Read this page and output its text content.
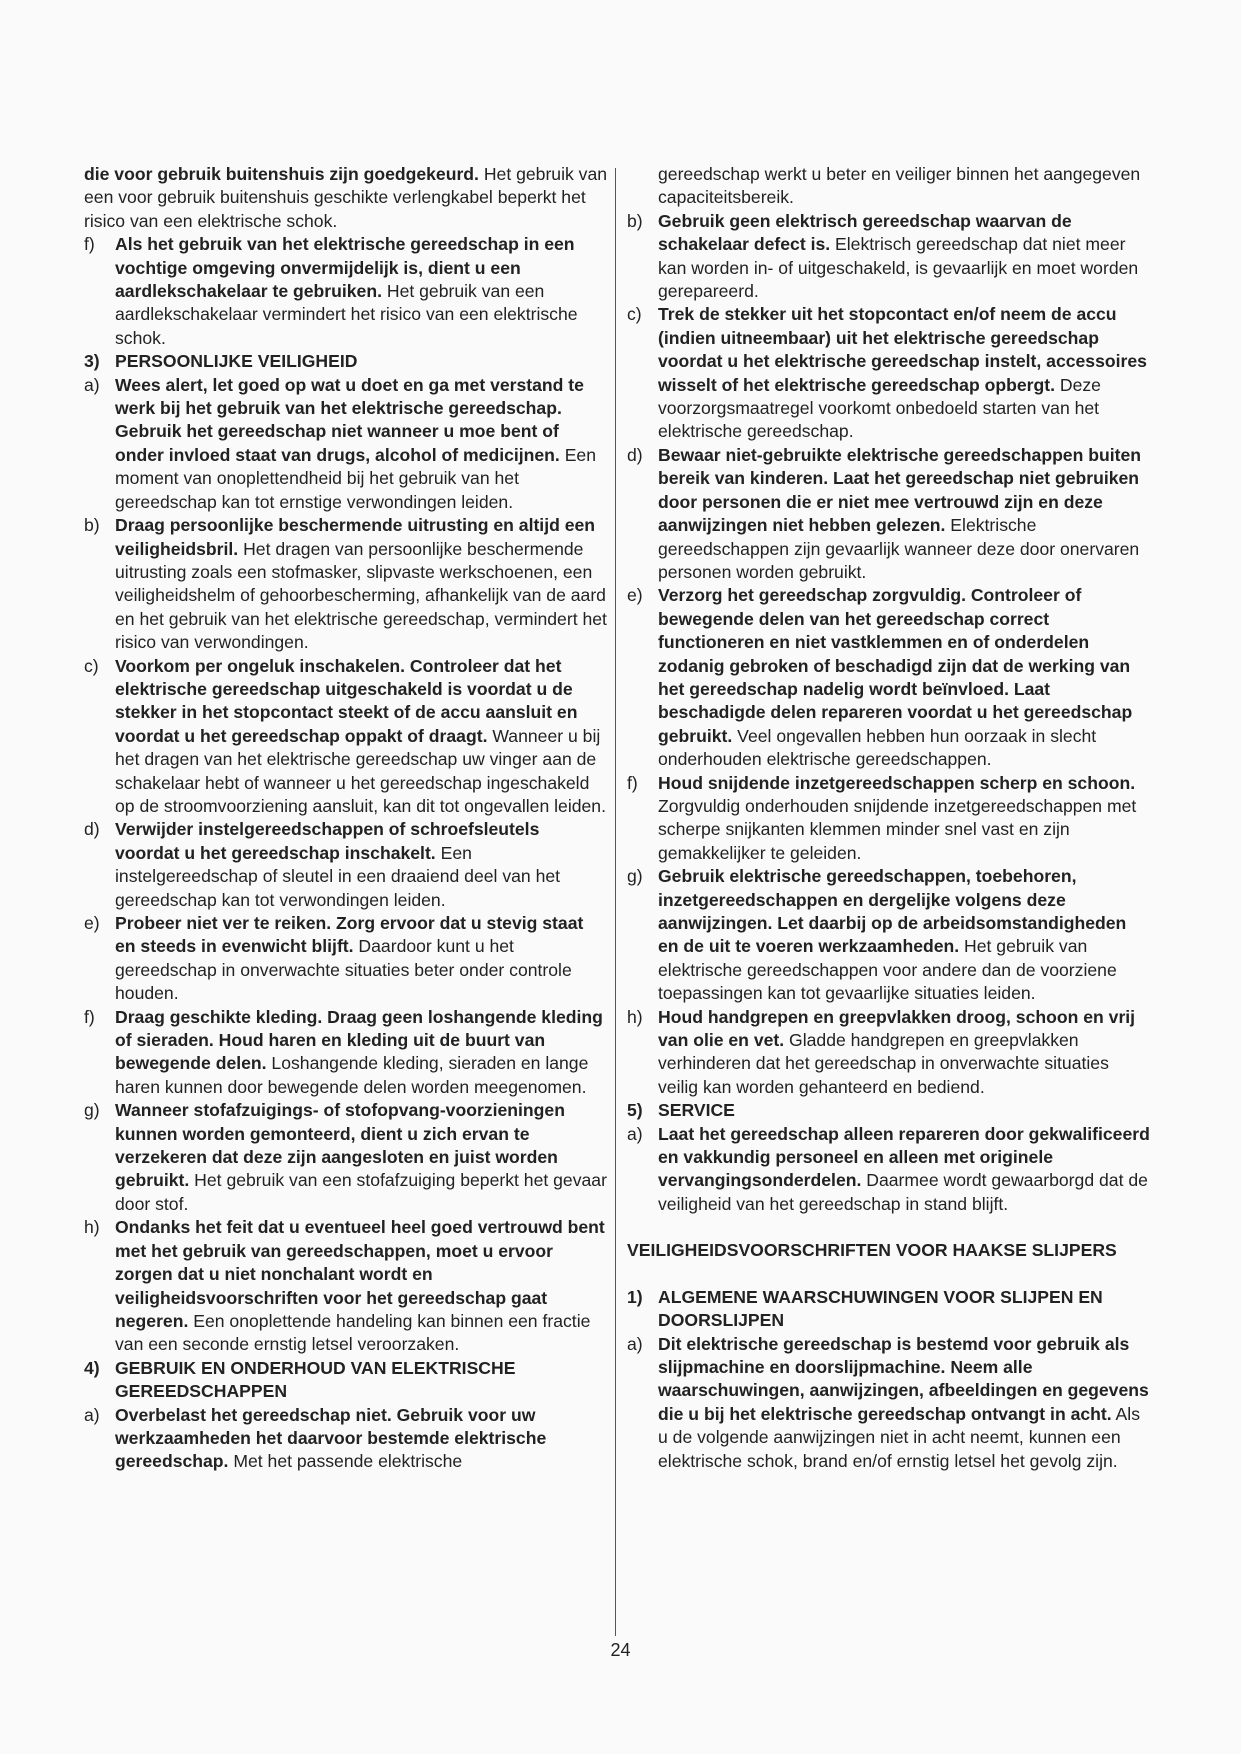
die voor gebruik buitenshuis zijn goedgekeurd. Het gebruik van een voor gebruik buitenshuis geschikte verlengkabel beperkt het risico van een elektrische schok.

f) Als het gebruik van het elektrische gereedschap in een vochtige omgeving onvermijdelijk is, dient u een aardlekschakelaar te gebruiken. Het gebruik van een aardlekschakelaar vermindert het risico van een elektrische schok.

3) PERSOONLIJKE VEILIGHEID

a) Wees alert, let goed op wat u doet en ga met verstand te werk bij het gebruik van het elektrische gereedschap. Gebruik het gereedschap niet wanneer u moe bent of onder invloed staat van drugs, alcohol of medicijnen. Een moment van onoplettendheid bij het gebruik van het gereedschap kan tot ernstige verwondingen leiden.

b) Draag persoonlijke beschermende uitrusting en altijd een veiligheidsbril. Het dragen van persoonlijke beschermende uitrusting zoals een stofmasker, slipvaste werkschoenen, een veiligheidshelm of gehoorbescherming, afhankelijk van de aard en het gebruik van het elektrische gereedschap, vermindert het risico van verwondingen.

c) Voorkom per ongeluk inschakelen. Controleer dat het elektrische gereedschap uitgeschakeld is voordat u de stekker in het stopcontact steekt of de accu aansluit en voordat u het gereedschap oppakt of draagt. Wanneer u bij het dragen van het elektrische gereedschap uw vinger aan de schakelaar hebt of wanneer u het gereedschap ingeschakeld op de stroomvoorziening aansluit, kan dit tot ongevallen leiden.

d) Verwijder instelgereedschappen of schroefsleutels voordat u het gereedschap inschakelt. Een instelgereedschap of sleutel in een draaiend deel van het gereedschap kan tot verwondingen leiden.

e) Probeer niet ver te reiken. Zorg ervoor dat u stevig staat en steeds in evenwicht blijft. Daardoor kunt u het gereedschap in onverwachte situaties beter onder controle houden.

f) Draag geschikte kleding. Draag geen loshangende kleding of sieraden. Houd haren en kleding uit de buurt van bewegende delen. Loshangende kleding, sieraden en lange haren kunnen door bewegende delen worden meegenomen.

g) Wanneer stofafzuigings- of stofopvang-voorzieningen kunnen worden gemonteerd, dient u zich ervan te verzekeren dat deze zijn aangesloten en juist worden gebruikt. Het gebruik van een stofafzuiging beperkt het gevaar door stof.

h) Ondanks het feit dat u eventueel heel goed vertrouwd bent met het gebruik van gereedschappen, moet u ervoor zorgen dat u niet nonchalant wordt en veiligheidsvoorschriften voor het gereedschap gaat negeren. Een onoplettende handeling kan binnen een fractie van een seconde ernstig letsel veroorzaken.

4) GEBRUIK EN ONDERHOUD VAN ELEKTRISCHE GEREEDSCHAPPEN

a) Overbelast het gereedschap niet. Gebruik voor uw werkzaamheden het daarvoor bestemde elektrische gereedschap. Met het passende elektrische

gereedschap werkt u beter en veiliger binnen het aangegeven capaciteitsbereik.

b) Gebruik geen elektrisch gereedschap waarvan de schakelaar defect is. Elektrisch gereedschap dat niet meer kan worden in- of uitgeschakeld, is gevaarlijk en moet worden gerepareerd.

c) Trek de stekker uit het stopcontact en/of neem de accu (indien uitneembaar) uit het elektrische gereedschap voordat u het elektrische gereedschap instelt, accessoires wisselt of het elektrische gereedschap opbergt. Deze voorzorgsmaatregel voorkomt onbedoeld starten van het elektrische gereedschap.

d) Bewaar niet-gebruikte elektrische gereedschappen buiten bereik van kinderen. Laat het gereedschap niet gebruiken door personen die er niet mee vertrouwd zijn en deze aanwijzingen niet hebben gelezen. Elektrische gereedschappen zijn gevaarlijk wanneer deze door onervaren personen worden gebruikt.

e) Verzorg het gereedschap zorgvuldig. Controleer of bewegende delen van het gereedschap correct functioneren en niet vastklemmen en of onderdelen zodanig gebroken of beschadigd zijn dat de werking van het gereedschap nadelig wordt beïnvloed. Laat beschadigde delen repareren voordat u het gereedschap gebruikt. Veel ongevallen hebben hun oorzaak in slecht onderhouden elektrische gereedschappen.

f) Houd snijdende inzetgereedschappen scherp en schoon. Zorgvuldig onderhouden snijdende inzetgereedschappen met scherpe snijkanten klemmen minder snel vast en zijn gemakkelijker te geleiden.

g) Gebruik elektrische gereedschappen, toebehoren, inzetgereedschappen en dergelijke volgens deze aanwijzingen. Let daarbij op de arbeidsomstandigheden en de uit te voeren werkzaamheden. Het gebruik van elektrische gereedschappen voor andere dan de voorziene toepassingen kan tot gevaarlijke situaties leiden.

h) Houd handgrepen en greepvlakken droog, schoon en vrij van olie en vet. Gladde handgrepen en greepvlakken verhinderen dat het gereedschap in onverwachte situaties veilig kan worden gehanteerd en bediend.

5) SERVICE

a) Laat het gereedschap alleen repareren door gekwalificeerd en vakkundig personeel en alleen met originele vervangingsonderdelen. Daarmee wordt gewaarborgd dat de veiligheid van het gereedschap in stand blijft.

VEILIGHEIDSVOORSCHRIFTEN VOOR HAAKSE SLIJPERS

1) ALGEMENE WAARSCHUWINGEN VOOR SLIJPEN EN DOORSLIJPEN

a) Dit elektrische gereedschap is bestemd voor gebruik als slijpmachine en doorslijpmachine. Neem alle waarschuwingen, aanwijzingen, afbeeldingen en gegevens die u bij het elektrische gereedschap ontvangt in acht. Als u de volgende aanwijzingen niet in acht neemt, kunnen een elektrische schok, brand en/of ernstig letsel het gevolg zijn.

24
